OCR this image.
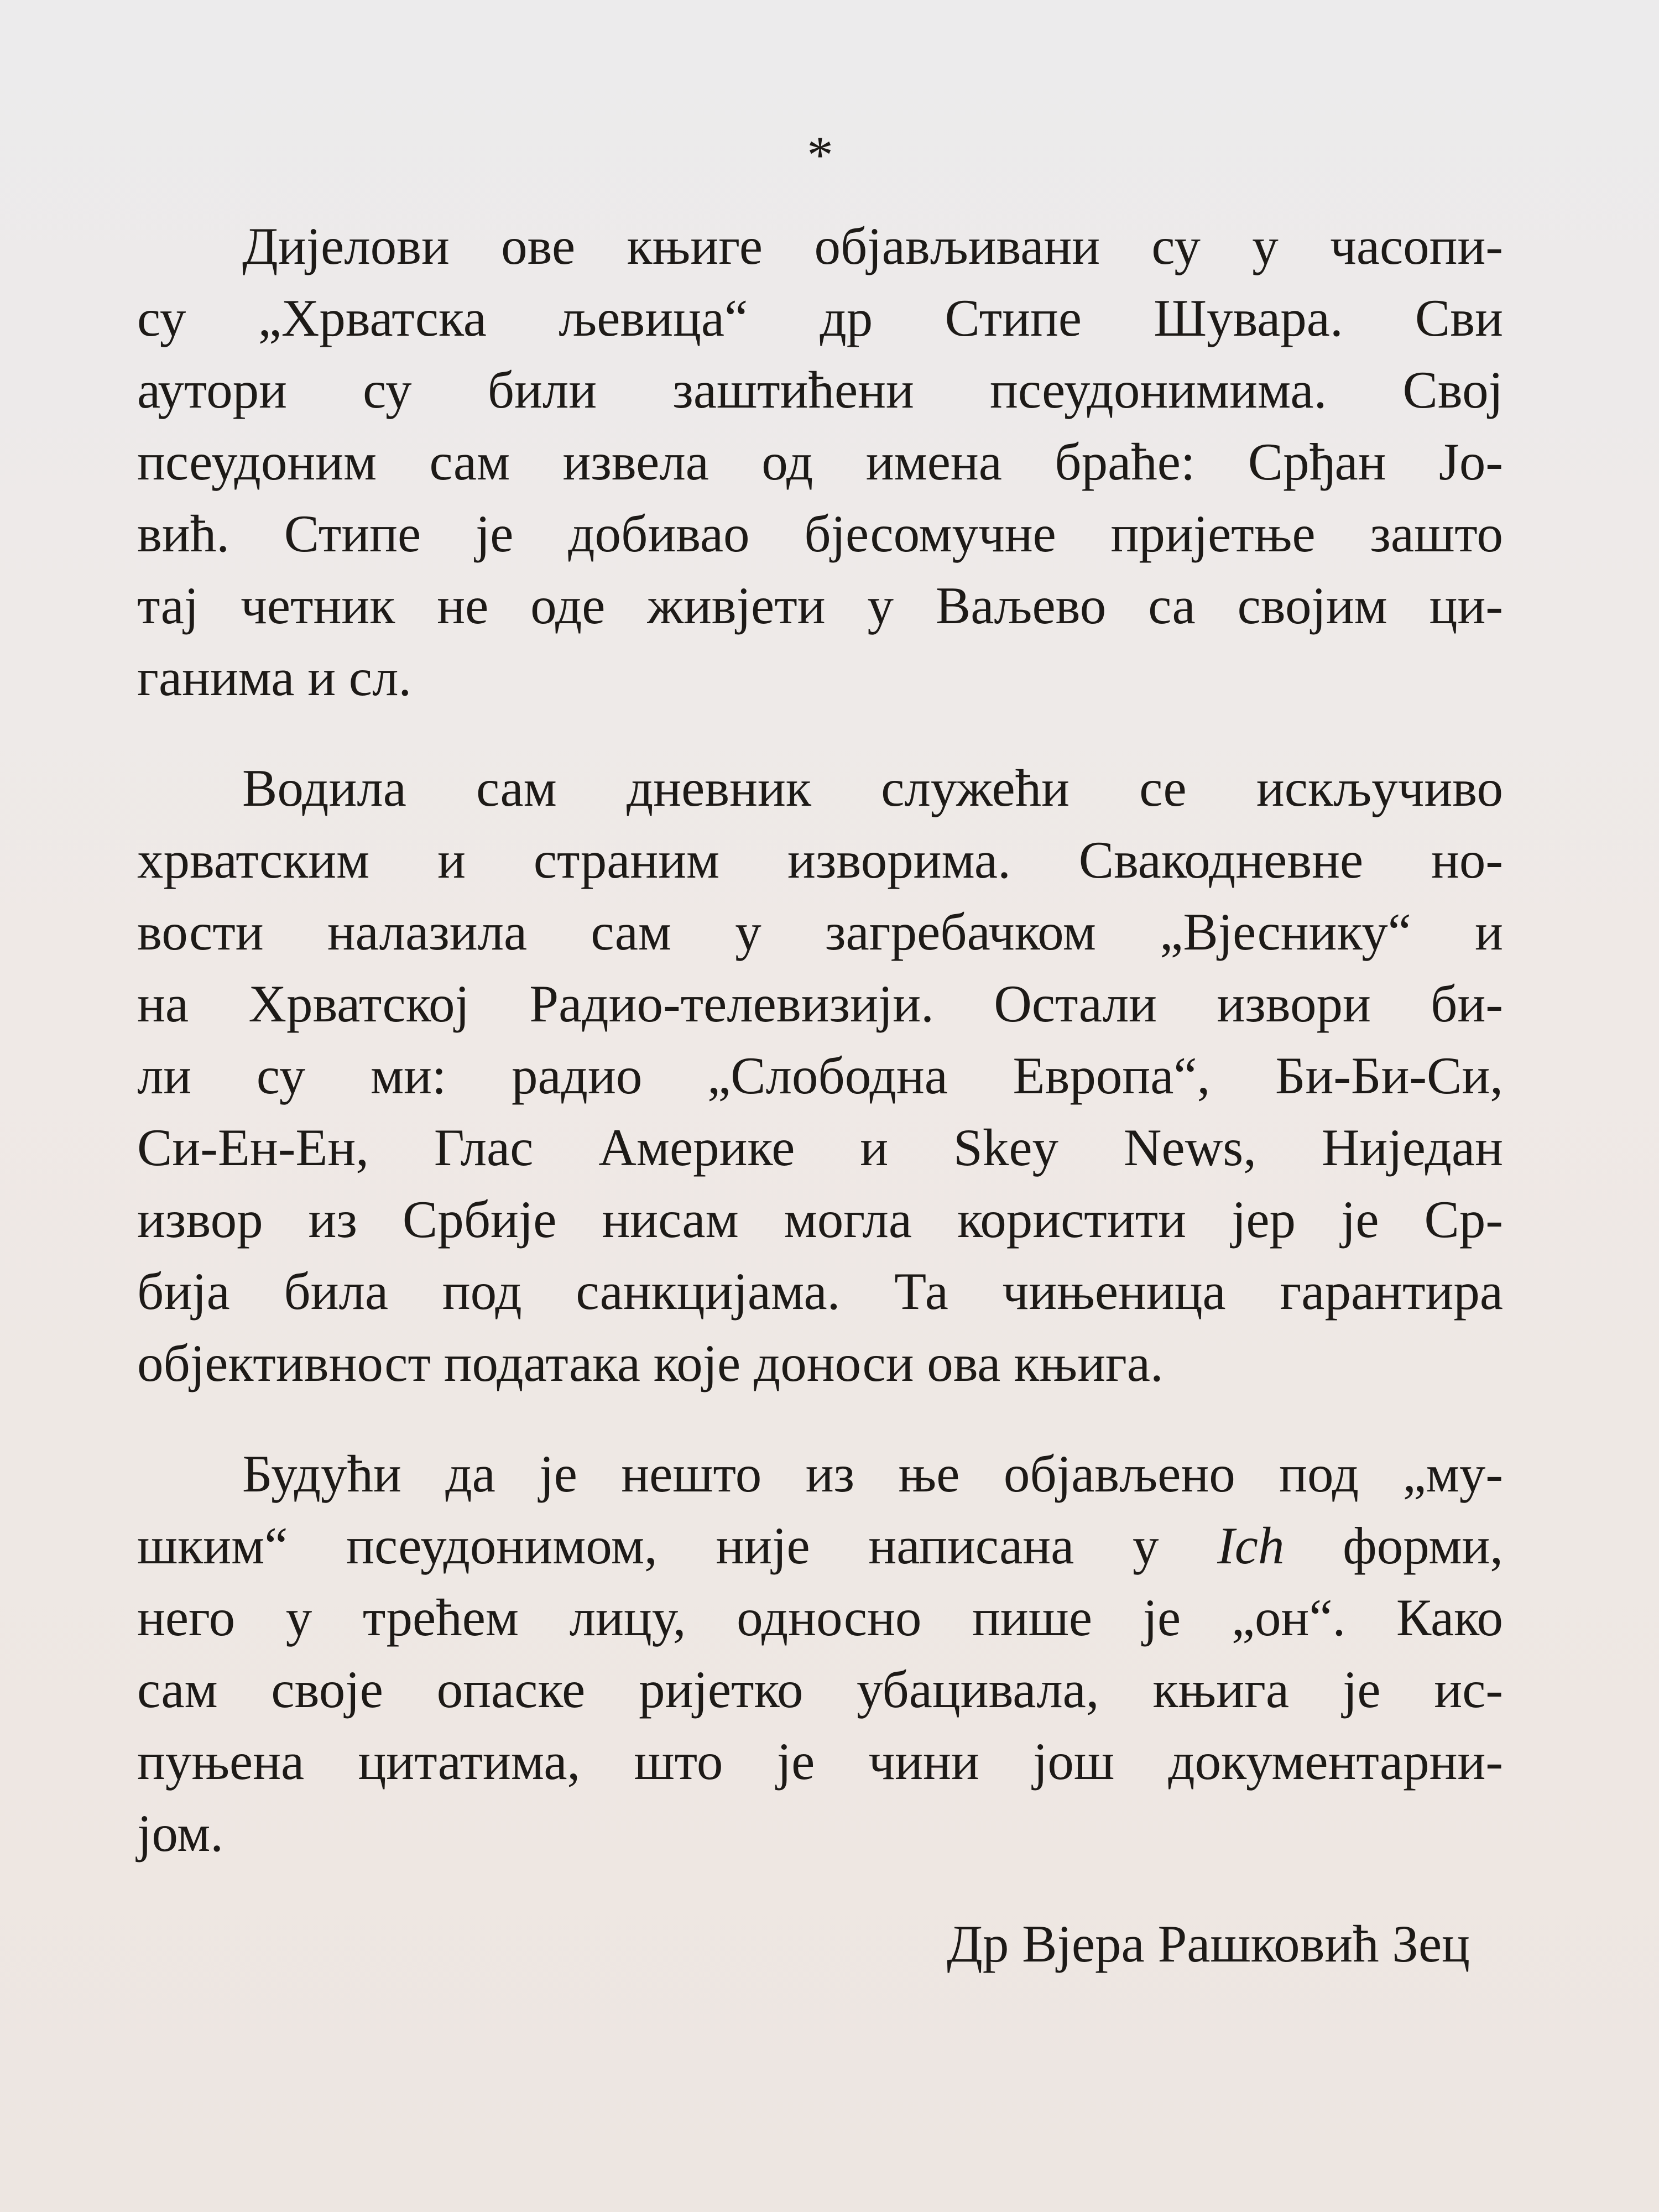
*
Дијелови ове књиге објављивани су у часопи-
су „Хрватска љевица“ др Стипе Шувара. Сви
аутори су били заштићени псеудонимима. Свој
псеудоним сам извела од имена браће: Срђан Јо-
вић. Стипе је добивао бјесомучне пријетње зашто
тај четник не оде живјети у Ваљево са својим ци-
ганима и сл.
Водила сам дневник служећи се искључиво
хрватским и страним изворима. Свакодневне но-
вости налазила сам у загребачком „Вјеснику“ и
на Хрватској Радио-телевизији. Остали извори би-
ли су ми: радио „Слободна Европа“, Би-Би-Си,
Си-Ен-Ен, Глас Америке и Skey News, Ниједан
извор из Србије нисам могла користити јер је Ср-
бија била под санкцијама. Та чињеница гарантира
објективност података које доноси ова књига.
Будући да је нешто из ње објављено под „му-
шким“ псеудонимом, није написана у Ich форми,
него у трећем лицу, односно пише је „он“. Како
сам своје опаске ријетко убацивала, књига је ис-
пуњена цитатима, што је чини још документарни-
јом.
Др Вјера Рашковић Зец
